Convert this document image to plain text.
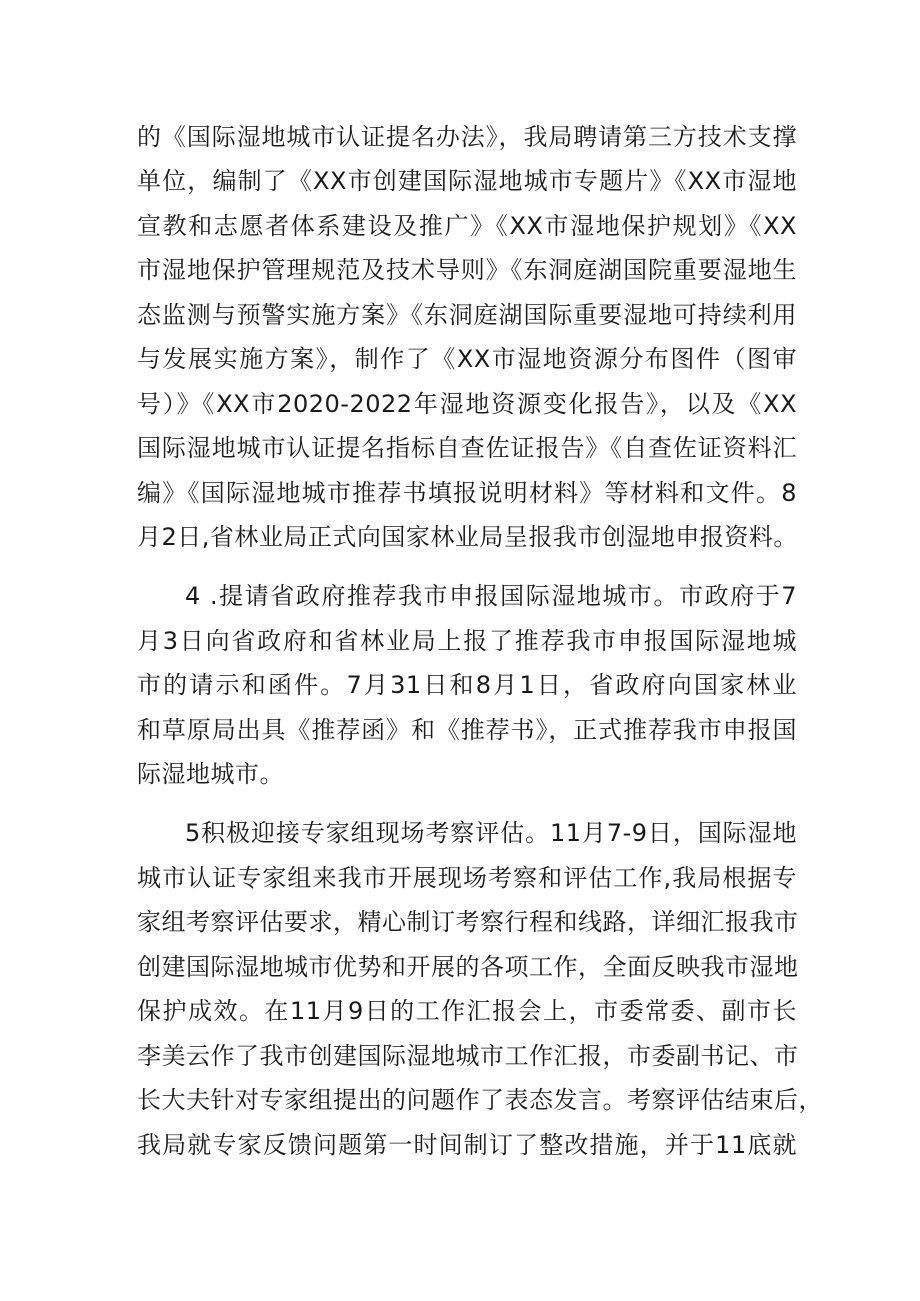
的《国际湿地城市认证提名办法》，我局聘请第三方技术支撑
单位，编制了《XX市创建国际湿地城市专题片》《XX市湿地
宣教和志愿者体系建设及推广》《XX市湿地保护规划》《XX
市湿地保护管理规范及技术导则》《东洞庭湖国院重要湿地生
态监测与预警实施方案》《东洞庭湖国际重要湿地可持续利用
与发展实施方案》，制作了《XX市湿地资源分布图件（图审
号）》《XX市2020-2022年湿地资源变化报告》，以及《XX
国际湿地城市认证提名指标自查佐证报告》《自查佐证资料汇
编》《国际湿地城市推荐书填报说明材料》等材料和文件。8
月2日,省林业局正式向国家林业局呈报我市创湿地申报资料。
4 .提请省政府推荐我市申报国际湿地城市。市政府于7
月3日向省政府和省林业局上报了推荐我市申报国际湿地城
市的请示和函件。7月31日和8月1日，省政府向国家林业
和草原局出具《推荐函》和《推荐书》，正式推荐我市申报国
际湿地城市。
5积极迎接专家组现场考察评估。11月7-9日，国际湿地
城市认证专家组来我市开展现场考察和评估工作,我局根据专
家组考察评估要求，精心制订考察行程和线路，详细汇报我市
创建国际湿地城市优势和开展的各项工作，全面反映我市湿地
保护成效。在11月9日的工作汇报会上，市委常委、副市长
李美云作了我市创建国际湿地城市工作汇报，市委副书记、市
长大夫针对专家组提出的问题作了表态发言。考察评估结束后，
我局就专家反馈问题第一时间制订了整改措施，并于11底就
